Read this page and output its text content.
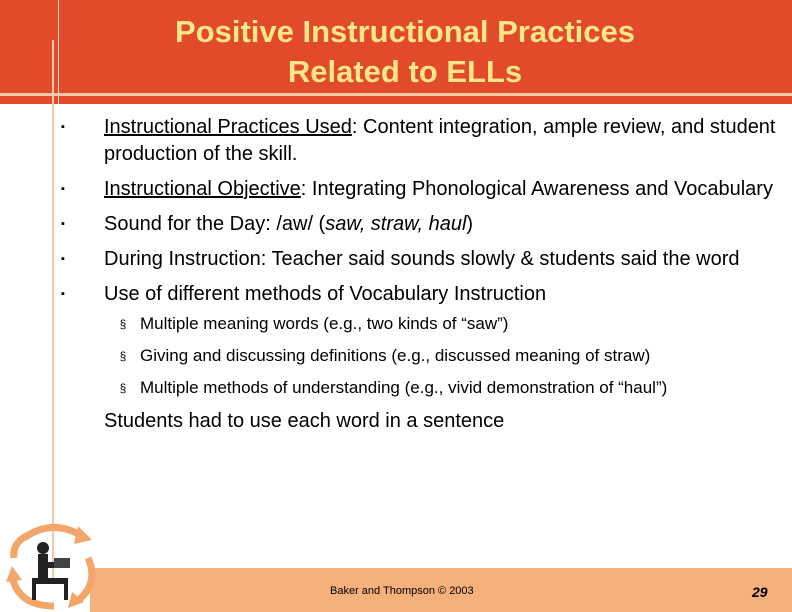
Positive Instructional Practices
Related to ELLs
▪ Instructional Practices Used: Content integration, ample review, and student production of the skill.
▪ Instructional Objective: Integrating Phonological Awareness and Vocabulary
▪ Sound for the Day: /aw/ (saw, straw, haul)
▪ During Instruction: Teacher said sounds slowly & students said the word
▪ Use of different methods of Vocabulary Instruction
§ Multiple meaning words (e.g., two kinds of “saw”)
§ Giving and discussing definitions (e.g., discussed meaning of straw)
§ Multiple methods of understanding (e.g., vivid demonstration of “haul”)
Students had to use each word in a sentence
Baker and Thompson © 2003	29
